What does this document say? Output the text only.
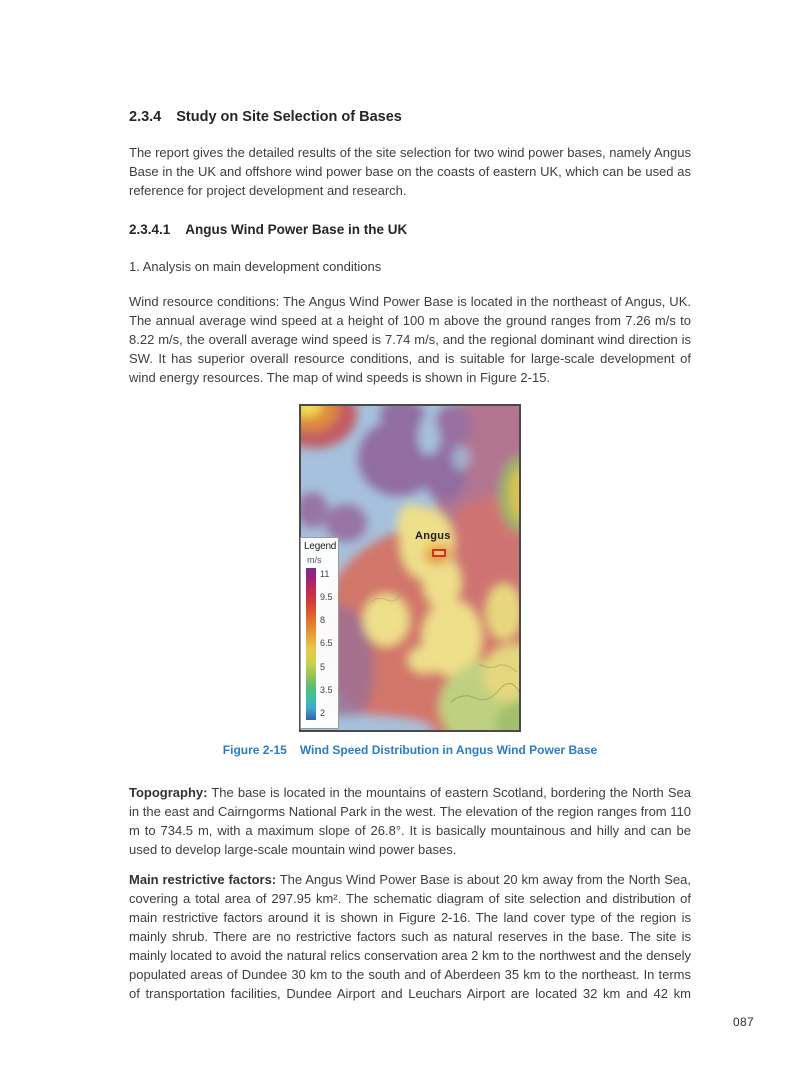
2.3.4 Study on Site Selection of Bases

The report gives the detailed results of the site selection for two wind power bases, namely Angus Base in the UK and offshore wind power base on the coasts of eastern UK, which can be used as reference for project development and research.

2.3.4.1 Angus Wind Power Base in the UK

1. Analysis on main development conditions

Wind resource conditions: The Angus Wind Power Base is located in the northeast of Angus, UK. The annual average wind speed at a height of 100 m above the ground ranges from 7.26 m/s to 8.22 m/s, the overall average wind speed is 7.74 m/s, and the regional dominant wind direction is SW. It has superior overall resource conditions, and is suitable for large-scale development of wind energy resources. The map of wind speeds is shown in Figure 2-15.

Angus
Legend
m/s
11
9.5
8
6.5
5
3.5
2
Figure 2-15 Wind Speed Distribution in Angus Wind Power Base

Topography: The base is located in the mountains of eastern Scotland, bordering the North Sea in the east and Cairngorms National Park in the west. The elevation of the region ranges from 110 m to 734.5 m, with a maximum slope of 26.8°. It is basically mountainous and hilly and can be used to develop large-scale mountain wind power bases.

Main restrictive factors: The Angus Wind Power Base is about 20 km away from the North Sea, covering a total area of 297.95 km². The schematic diagram of site selection and distribution of main restrictive factors around it is shown in Figure 2-16. The land cover type of the region is mainly shrub. There are no restrictive factors such as natural reserves in the base. The site is mainly located to avoid the natural relics conservation area 2 km to the northwest and the densely populated areas of Dundee 30 km to the south and of Aberdeen 35 km to the northeast. In terms of transportation facilities, Dundee Airport and Leuchars Airport are located 32 km and 42 km

087
